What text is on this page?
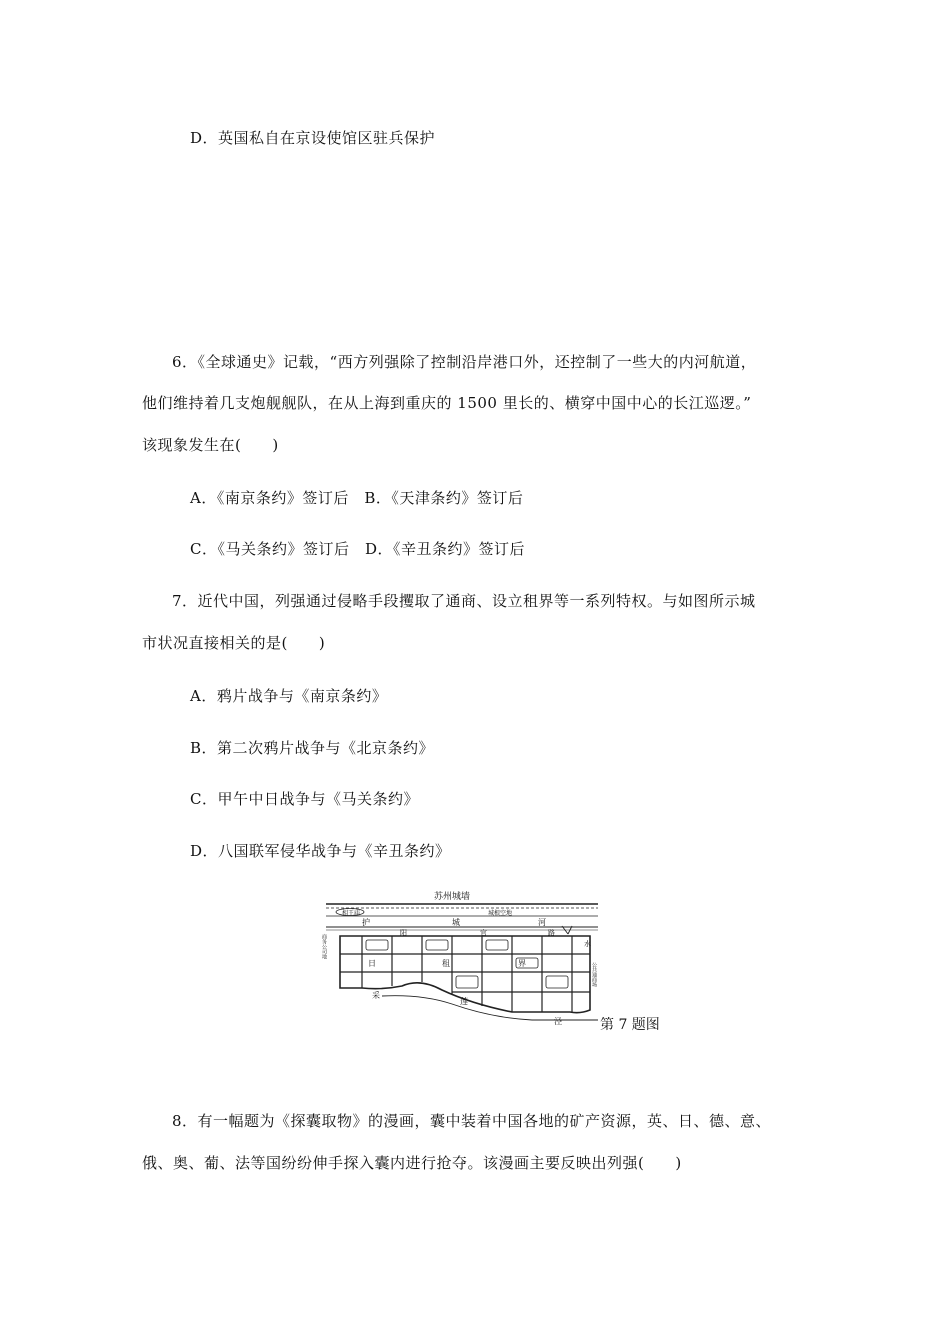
D．英国私自在京设使馆区驻兵保护
6．《全球通史》记载，“西方列强除了控制沿岸港口外，还控制了一些大的内河航道，
他们维持着几支炮舰舰队，在从上海到重庆的 1500 里长的、横穿中国中心的长江巡逻。”
该现象发生在(　　)
A．《南京条约》签订后　B．《天津条约》签订后
C．《马关条约》签订后　D．《辛丑条约》签订后
7．近代中国，列强通过侵略手段攫取了通商、设立租界等一系列特权。与如图所示城
市状况直接相关的是(　　)
A．鸦片战争与《南京条约》
B．第二次鸦片战争与《北京条约》
C．甲午中日战争与《马关条约》
D．八国联军侵华战争与《辛丑条约》
苏州城墙
相王庙	城根空地
护	城	河
阳	官	路
日	租	界
采
莲
泾
水
商务公司地
公共通商场
第 7 题图
8．有一幅题为《探囊取物》的漫画，囊中装着中国各地的矿产资源，英、日、德、意、
俄、奥、葡、法等国纷纷伸手探入囊内进行抢夺。该漫画主要反映出列强(　　)
